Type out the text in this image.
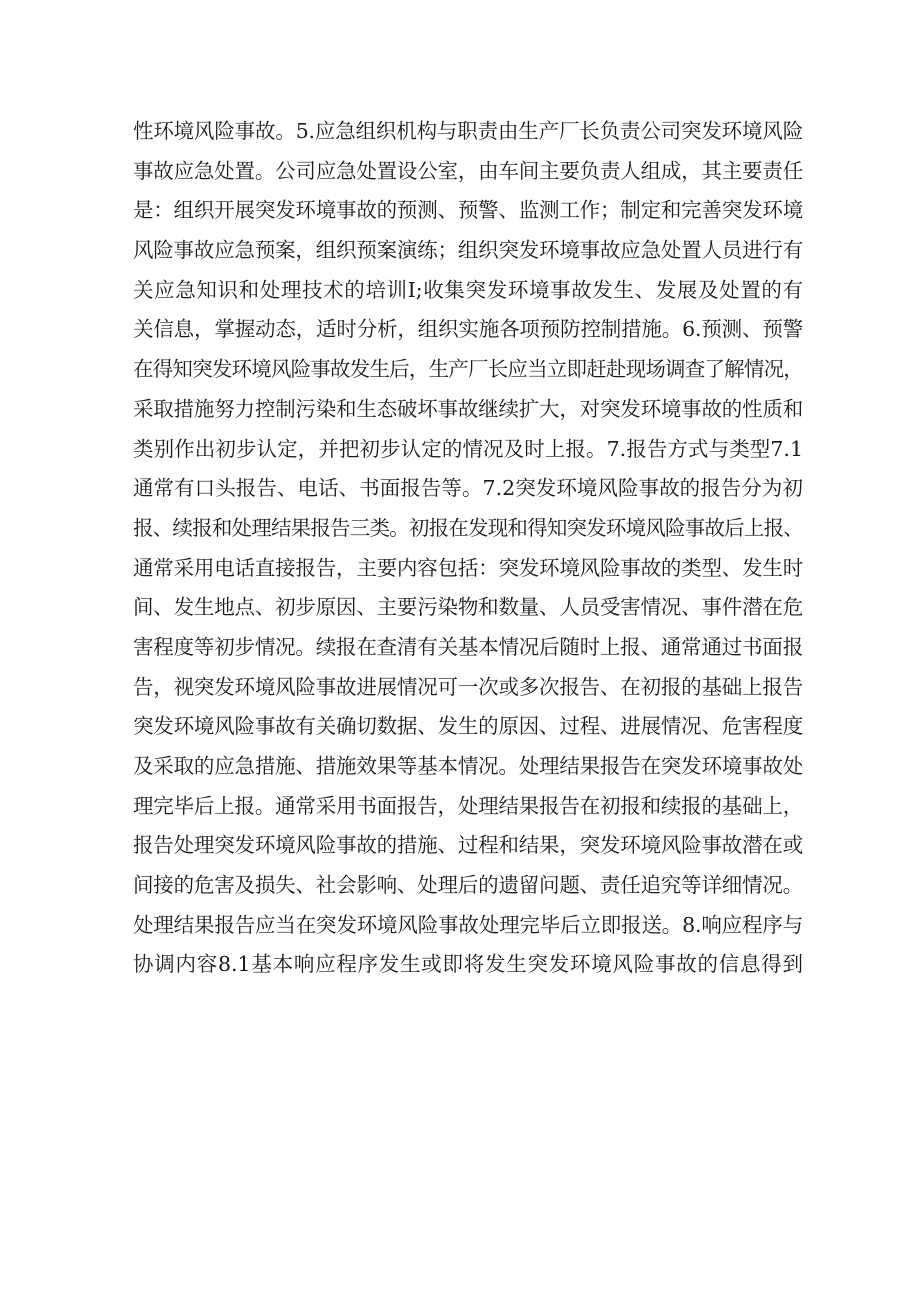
性环境风险事故。5.应急组织机构与职责由生产厂长负责公司突发环境风险
事故应急处置。公司应急处置设公室，由车间主要负责人组成，其主要责任
是：组织开展突发环境事故的预测、预警、监测工作；制定和完善突发环境
风险事故应急预案，组织预案演练；组织突发环境事故应急处置人员进行有
关应急知识和处理技术的培训I;收集突发环境事故发生、发展及处置的有
关信息，掌握动态，适时分析，组织实施各项预防控制措施。6.预测、预警
在得知突发环境风险事故发生后，生产厂长应当立即赶赴现场调查了解情况，
采取措施努力控制污染和生态破坏事故继续扩大，对突发环境事故的性质和
类别作出初步认定，并把初步认定的情况及时上报。7.报告方式与类型7.1
通常有口头报告、电话、书面报告等。7.2突发环境风险事故的报告分为初
报、续报和处理结果报告三类。初报在发现和得知突发环境风险事故后上报、
通常采用电话直接报告，主要内容包括：突发环境风险事故的类型、发生时
间、发生地点、初步原因、主要污染物和数量、人员受害情况、事件潜在危
害程度等初步情况。续报在查清有关基本情况后随时上报、通常通过书面报
告，视突发环境风险事故进展情况可一次或多次报告、在初报的基础上报告
突发环境风险事故有关确切数据、发生的原因、过程、进展情况、危害程度
及采取的应急措施、措施效果等基本情况。处理结果报告在突发环境事故处
理完毕后上报。通常采用书面报告，处理结果报告在初报和续报的基础上，
报告处理突发环境风险事故的措施、过程和结果，突发环境风险事故潜在或
间接的危害及损失、社会影响、处理后的遗留问题、责任追究等详细情况。
处理结果报告应当在突发环境风险事故处理完毕后立即报送。8.响应程序与
协调内容8.1基本响应程序发生或即将发生突发环境风险事故的信息得到
